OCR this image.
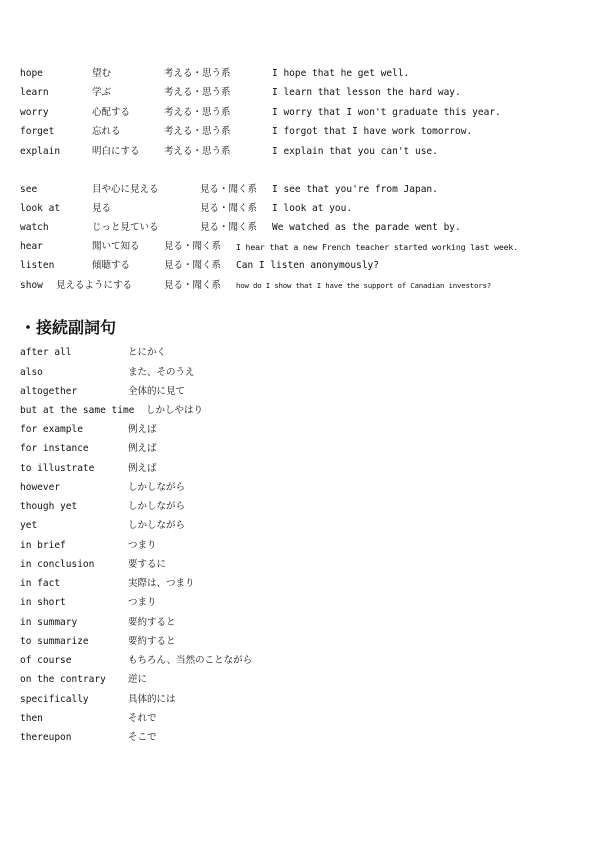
hope	望む	考える・思う系	I hope that he get well.
learn	学ぶ	考える・思う系	I learn that lesson the hard way.
worry	心配する	考える・思う系	I worry that I won't graduate this year.
forget	忘れる	考える・思う系	I forgot that I have work tomorrow.
explain	明白にする	考える・思う系	I explain that you can't use.
see	目や心に見える	見る・聞く系 I see that you're from Japan.
look at	見る	見る・聞く系 I look at you.
watch	じっと見ている	見る・聞く系 We watched as the parade went by.
hear	聞いて知る	見る・聞く系 I hear that a new French teacher started working last week.
listen	傾聴する	見る・聞く系 Can I listen anonymously?
show 見えるようにする	見る・聞く系 how do I show that I have the support of Canadian investors?
・接続副詞句
after all	とにかく
also	また、そのうえ
altogether	全体的に見て
but at the same time しかしやはり
for example	例えば
for instance	例えば
to illustrate	例えば
however	しかしながら
though yet	しかしながら
yet	しかしながら
in brief	つまり
in conclusion	要するに
in fact	実際は、つまり
in short	つまり
in summary	要約すると
to summarize	要約すると
of course	もちろん、当然のことながら
on the contrary 逆に
specifically	具体的には
then	それで
thereupon	そこで
